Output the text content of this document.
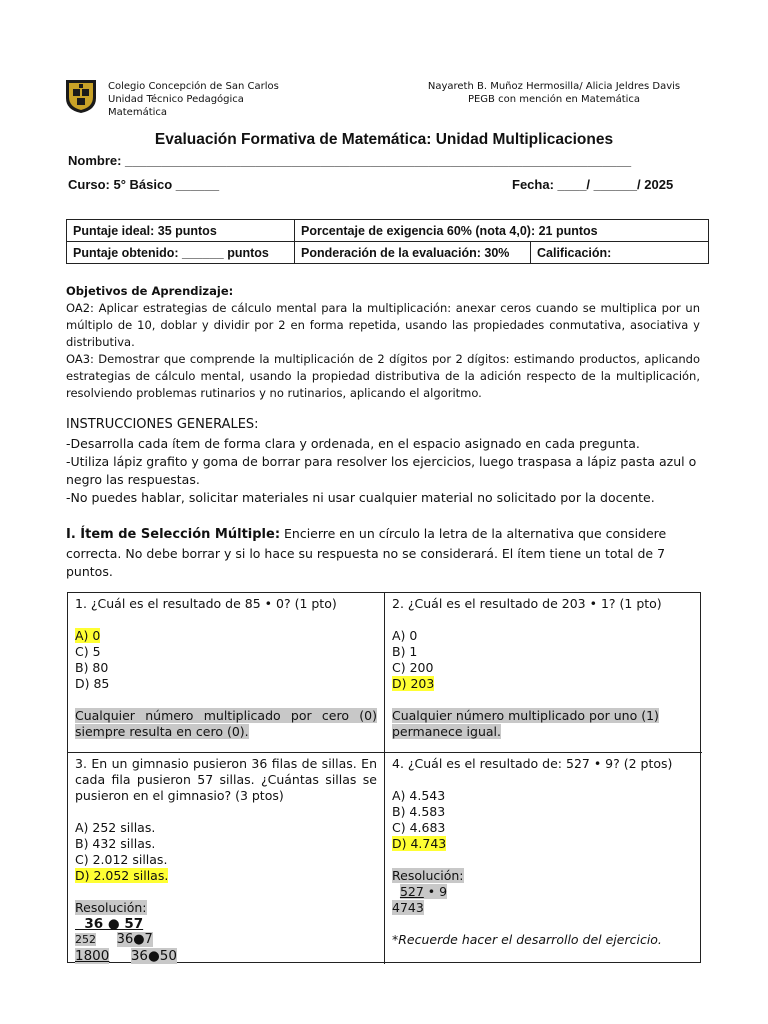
Colegio Concepción de San Carlos
Unidad Técnico Pedagógica
Matemática
Nayareth B. Muñoz Hermosilla/ Alicia Jeldres Davis
PEGB con mención en Matemática
Evaluación Formativa de Matemática: Unidad Multiplicaciones
Nombre: ______________________________________________________________________
Curso: 5° Básico ______	Fecha: ____/ ______/ 2025
Puntaje ideal: 35 puntos	Porcentaje de exigencia 60% (nota 4,0): 21 puntos	
Puntaje obtenido: ______ puntos	Ponderación de la evaluación: 30%	Calificación:
Objetivos de Aprendizaje:
OA2: Aplicar estrategias de cálculo mental para la multiplicación: anexar ceros cuando se multiplica por un múltiplo de 10, doblar y dividir por 2 en forma repetida, usando las propiedades conmutativa, asociativa y distributiva.
OA3: Demostrar que comprende la multiplicación de 2 dígitos por 2 dígitos: estimando productos, aplicando estrategias de cálculo mental, usando la propiedad distributiva de la adición respecto de la multiplicación, resolviendo problemas rutinarios y no rutinarios, aplicando el algoritmo.
INSTRUCCIONES GENERALES:
-Desarrolla cada ítem de forma clara y ordenada, en el espacio asignado en cada pregunta.
-Utiliza lápiz grafito y goma de borrar para resolver los ejercicios, luego traspasa a lápiz pasta azul o negro las respuestas.
-No puedes hablar, solicitar materiales ni usar cualquier material no solicitado por la docente.
I. Ítem de Selección Múltiple: Encierre en un círculo la letra de la alternativa que considere correcta. No debe borrar y si lo hace su respuesta no se considerará. El ítem tiene un total de 7 puntos.
1. ¿Cuál es el resultado de 85 • 0? (1 pto)
A) 0
C) 5
B) 80
D) 85
Cualquier número multiplicado por cero (0) siempre resulta en cero (0).
2. ¿Cuál es el resultado de 203 • 1? (1 pto)
A) 0
B) 1
C) 200
D) 203
Cualquier número multiplicado por uno (1) permanece igual.
3. En un gimnasio pusieron 36 filas de sillas. En cada fila pusieron 57 sillas. ¿Cuántas sillas se pusieron en el gimnasio? (3 ptos)
A) 252 sillas.
B) 432 sillas.
C) 2.012 sillas.
D) 2.052 sillas.
Resolución:
36 ● 57
252 36●7
1800 36●50
4. ¿Cuál es el resultado de: 527 • 9? (2 ptos)
A) 4.543
B) 4.583
C) 4.683
D) 4.743
Resolución:
527 • 9
4743
*Recuerde hacer el desarrollo del ejercicio.
